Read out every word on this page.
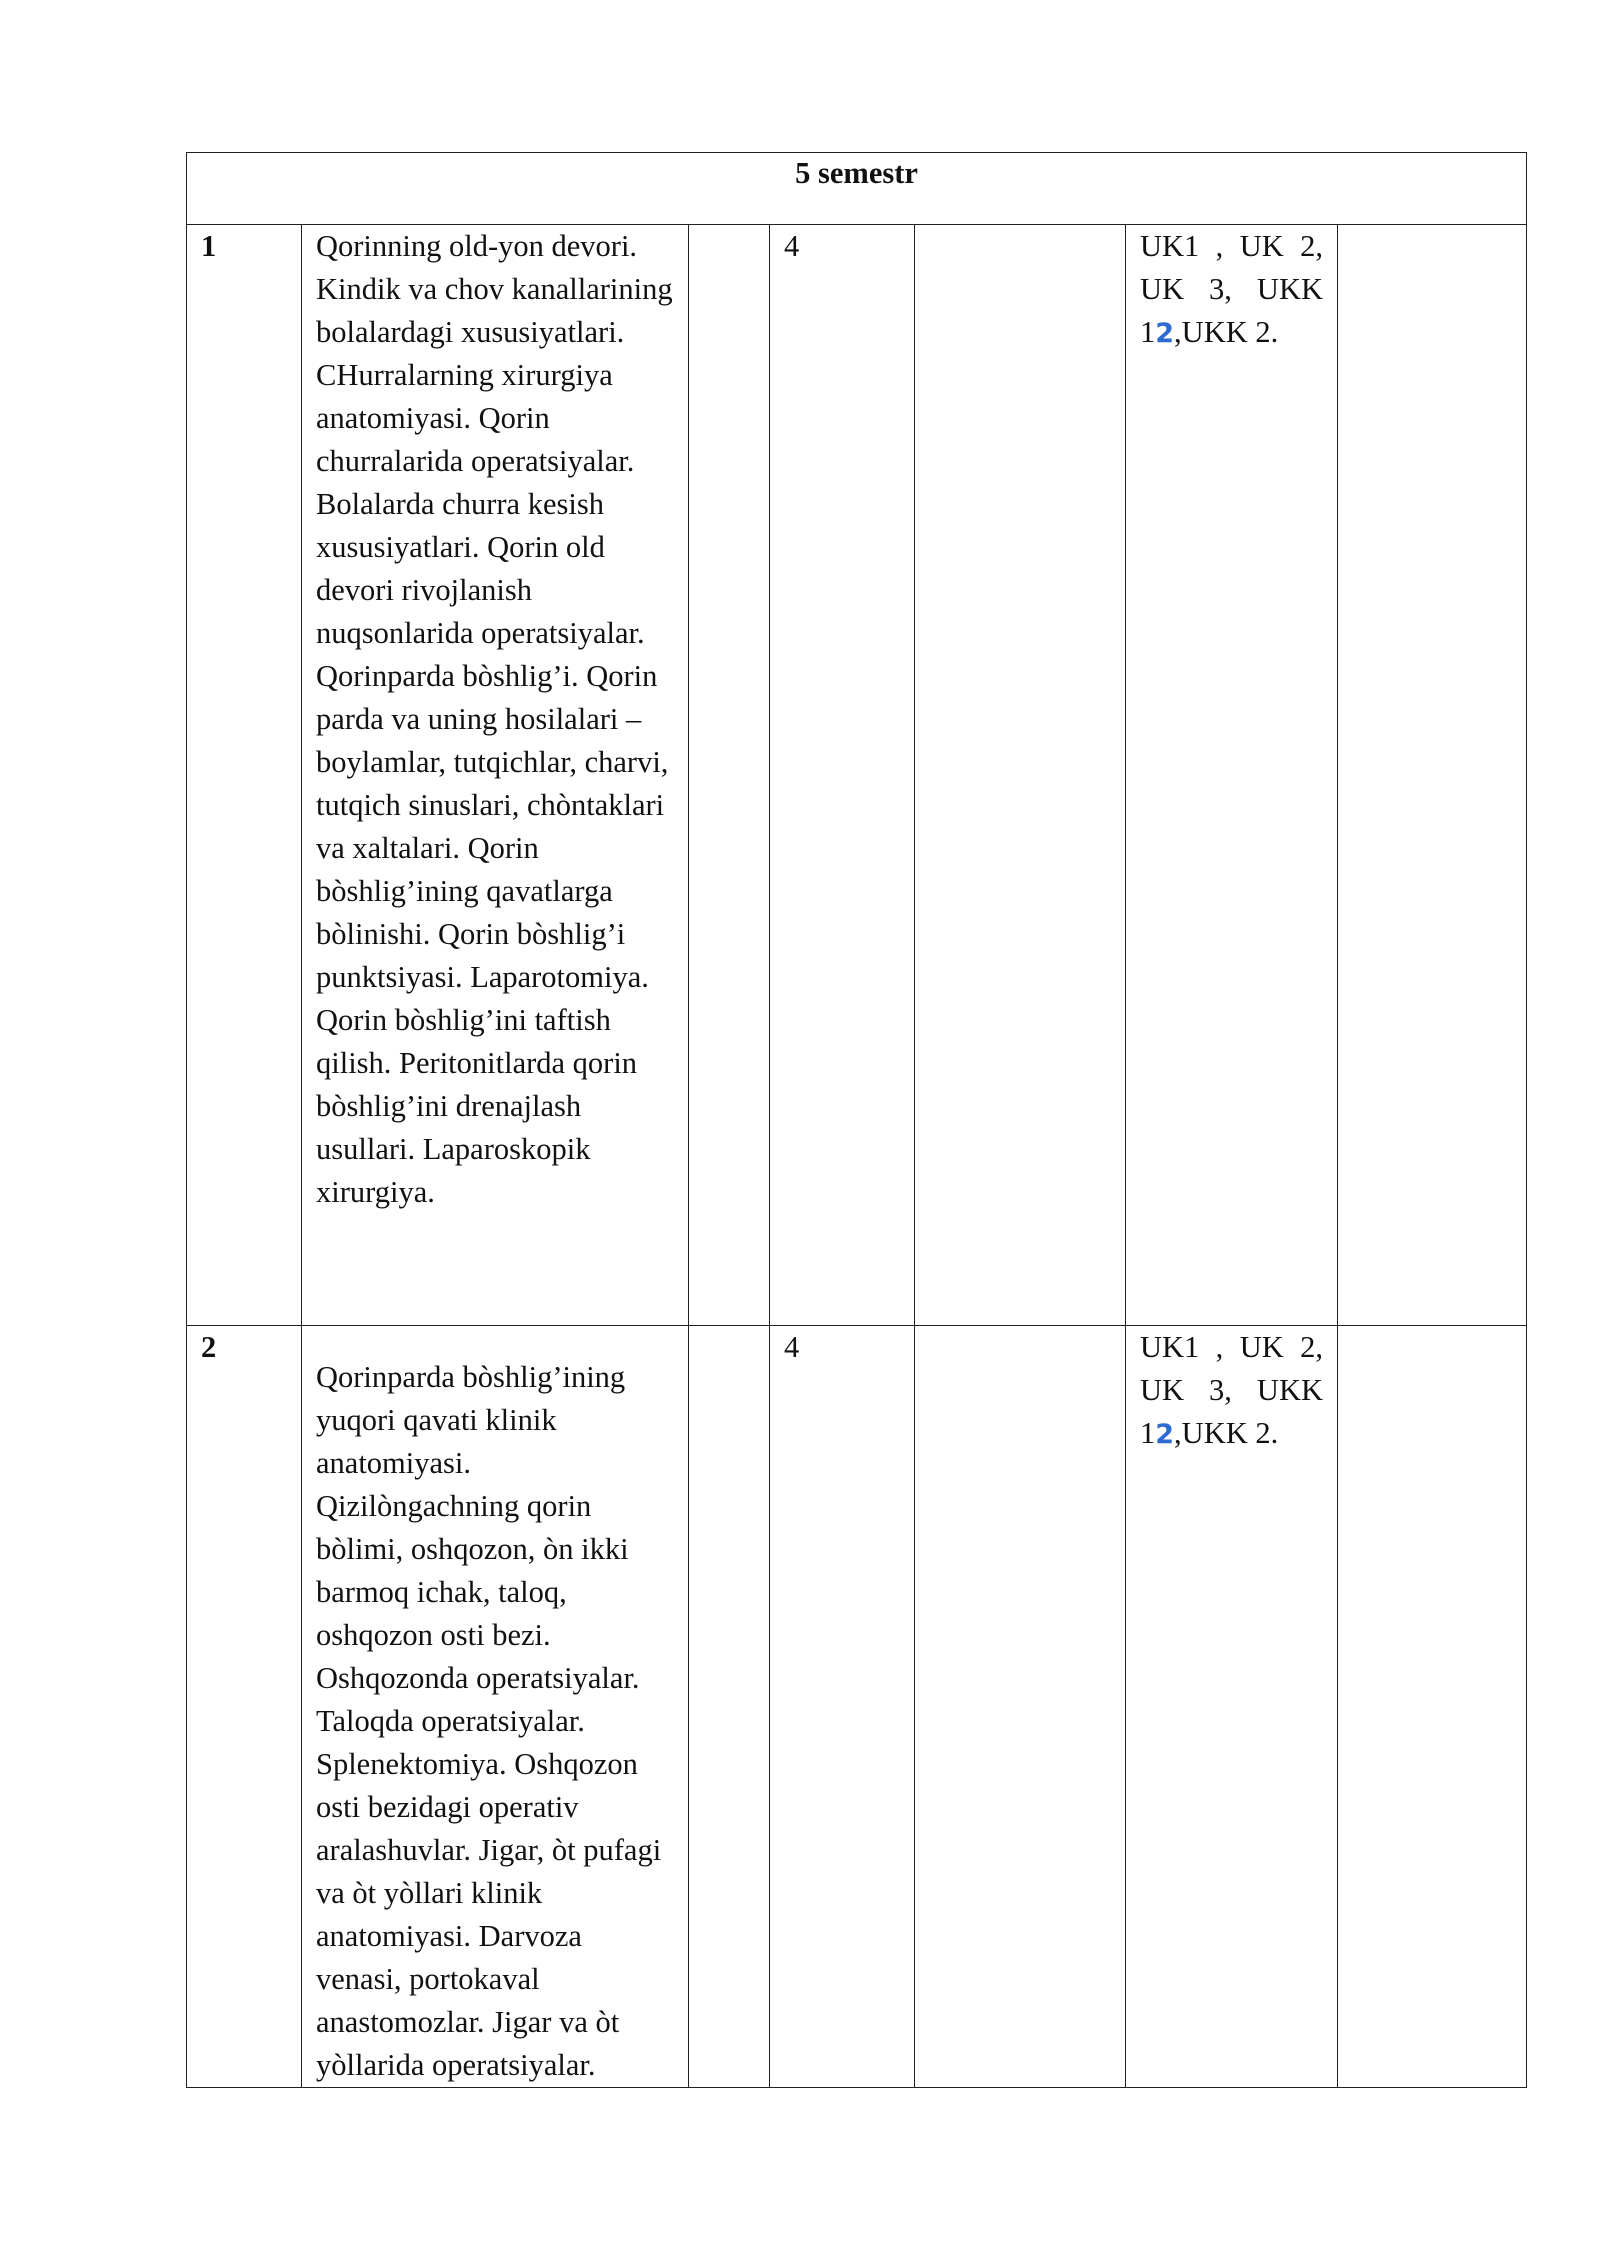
5 semestr						
1	Qorinning old-yon devori. Kindik va chov kanallarining bolalardagi xususiyatlari. CHurralarning xirurgiya anatomiyasi. Qorin churralarida operatsiyalar. Bolalarda churra kesish xususiyatlari. Qorin old devori rivojlanish nuqsonlarida operatsiyalar. Qorinparda bòshlig’i. Qorin parda va uning hosilalari – boylamlar, tutqichlar, charvi, tutqich sinuslari, chòntaklari va xaltalari. Qorin bòshlig’ining qavatlarga bòlinishi. Qorin bòshlig’i punktsiyasi. Laparotomiya. Qorin bòshlig’ini taftish qilish. Peritonitlarda qorin bòshlig’ini drenajlash usullari. Laparoskopik xirurgiya.		4		UK1 , UK 2, UK 3, UKK 12,UKK 2.	
2	Qorinparda bòshlig’ining yuqori qavati klinik anatomiyasi. Qizilòngachning qorin bòlimi, oshqozon, òn ikki barmoq ichak, taloq, oshqozon osti bezi. Oshqozonda operatsiyalar. Taloqda operatsiyalar. Splenektomiya. Oshqozon osti bezidagi operativ aralashuvlar. Jigar, òt pufagi va òt yòllari klinik anatomiyasi. Darvoza venasi, portokaval anastomozlar. Jigar va òt yòllarida operatsiyalar.		4		UK1 , UK 2, UK 3, UKK 12,UKK 2.	
